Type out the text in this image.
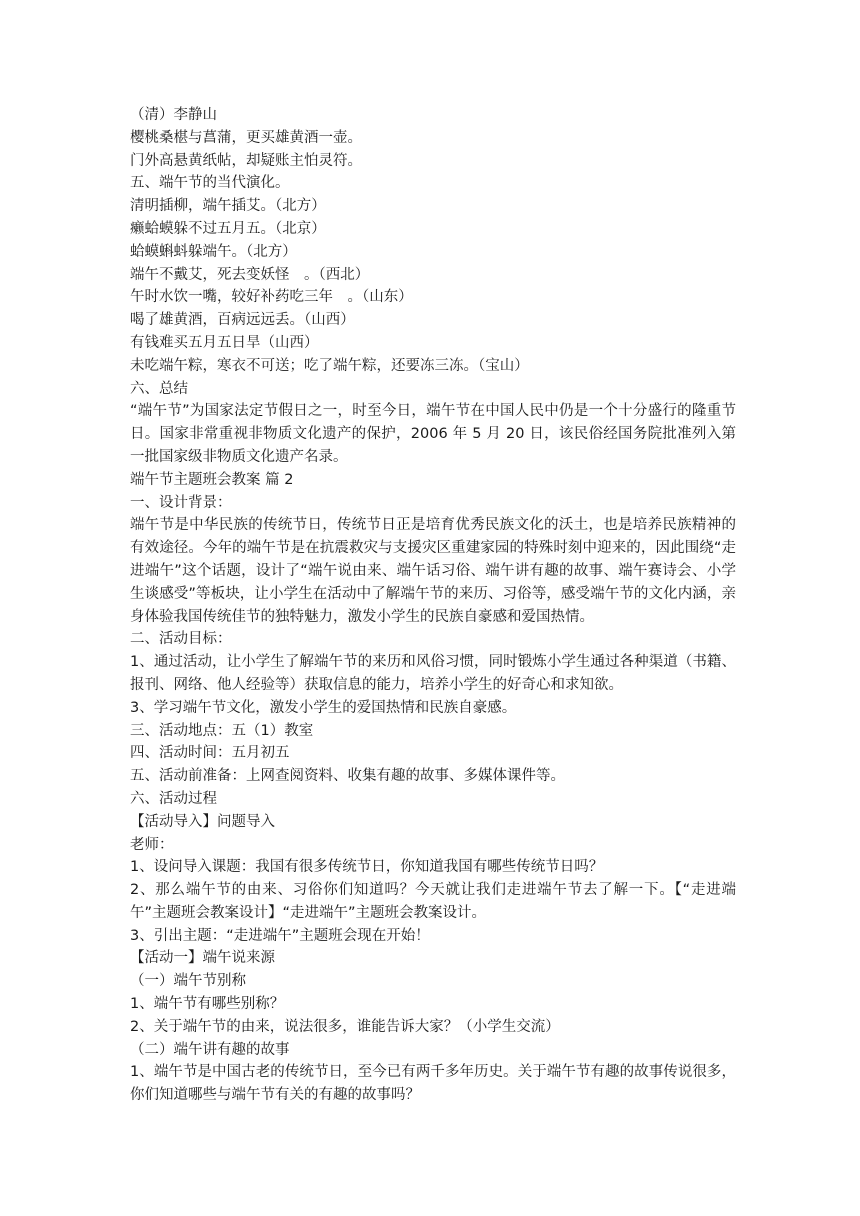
（清）李静山

樱桃桑椹与菖蒲，更买雄黄酒一壶。

门外高悬黄纸帖，却疑账主怕灵符。

五、端午节的当代演化。

清明插柳，端午插艾。（北方）

癞蛤蟆躲不过五月五。（北京）

蛤蟆蝌蚪躲端午。（北方）

端午不戴艾，死去变妖怪　。（西北）

午时水饮一嘴，较好补药吃三年　。（山东）

喝了雄黄酒，百病远远丢。（山西）

有钱难买五月五日旱（山西）

未吃端午粽，寒衣不可送；吃了端午粽，还要冻三冻。（宝山）

六、总结

“端午节”为国家法定节假日之一，时至今日，端午节在中国人民中仍是一个十分盛行的隆重节日。国家非常重视非物质文化遗产的保护，2006 年 5 月 20 日，该民俗经国务院批准列入第一批国家级非物质文化遗产名录。

端午节主题班会教案 篇 2

一、设计背景：

端午节是中华民族的传统节日，传统节日正是培育优秀民族文化的沃土，也是培养民族精神的有效途径。今年的端午节是在抗震救灾与支援灾区重建家园的特殊时刻中迎来的，因此围绕“走进端午”这个话题，设计了“端午说由来、端午话习俗、端午讲有趣的故事、端午赛诗会、小学生谈感受”等板块，让小学生在活动中了解端午节的来历、习俗等，感受端午节的文化内涵，亲身体验我国传统佳节的独特魅力，激发小学生的民族自豪感和爱国热情。

二、活动目标：

1、通过活动，让小学生了解端午节的来历和风俗习惯，同时锻炼小学生通过各种渠道（书籍、报刊、网络、他人经验等）获取信息的能力，培养小学生的好奇心和求知欲。

3、学习端午节文化，激发小学生的爱国热情和民族自豪感。

三、活动地点：五（1）教室

四、活动时间：五月初五

五、活动前准备：上网查阅资料、收集有趣的故事、多媒体课件等。

六、活动过程

【活动导入】问题导入

老师：

1、设问导入课题：我国有很多传统节日，你知道我国有哪些传统节日吗？

2、那么端午节的由来、习俗你们知道吗？今天就让我们走进端午节去了解一下。【“走进端午”主题班会教案设计】“走进端午”主题班会教案设计。

3、引出主题：“走进端午”主题班会现在开始！

【活动一】端午说来源

（一）端午节别称

1、端午节有哪些别称？

2、关于端午节的由来，说法很多，谁能告诉大家？（小学生交流）

（二）端午讲有趣的故事

1、端午节是中国古老的传统节日，至今已有两千多年历史。关于端午节有趣的故事传说很多，你们知道哪些与端午节有关的有趣的故事吗？
